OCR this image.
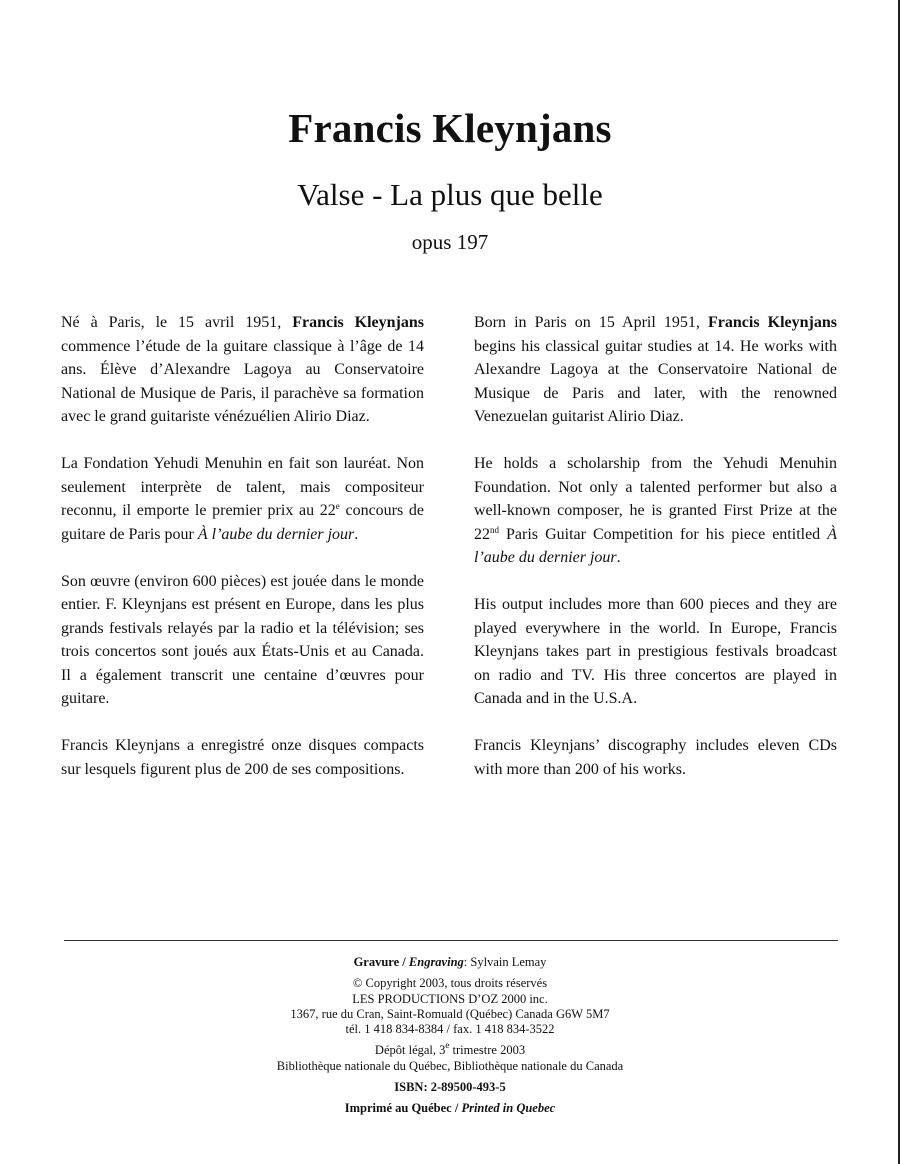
Francis Kleynjans
Valse - La plus que belle
opus 197

Né à Paris, le 15 avril 1951, Francis Kleynjans commence l’étude de la guitare classique à l’âge de 14 ans. Élève d’Alexandre Lagoya au Conservatoire National de Musique de Paris, il parachève sa formation avec le grand guitariste vénézuélien Alirio Diaz.

La Fondation Yehudi Menuhin en fait son lauréat. Non seulement interprète de talent, mais compositeur reconnu, il emporte le premier prix au 22e concours de guitare de Paris pour À l’aube du dernier jour.

Son œuvre (environ 600 pièces) est jouée dans le monde entier. F. Kleynjans est présent en Europe, dans les plus grands festivals relayés par la radio et la télévision; ses trois concertos sont joués aux États-Unis et au Canada. Il a également transcrit une centaine d’œuvres pour guitare.

Francis Kleynjans a enregistré onze disques compacts sur lesquels figurent plus de 200 de ses compositions.

Born in Paris on 15 April 1951, Francis Kleynjans begins his classical guitar studies at 14. He works with Alexandre Lagoya at the Conservatoire National de Musique de Paris and later, with the renowned Venezuelan guitarist Alirio Diaz.

He holds a scholarship from the Yehudi Menuhin Foundation. Not only a talented performer but also a well-known composer, he is granted First Prize at the 22nd Paris Guitar Competition for his piece entitled À l’aube du dernier jour.

His output includes more than 600 pieces and they are played everywhere in the world. In Europe, Francis Kleynjans takes part in prestigious festivals broadcast on radio and TV. His three concertos are played in Canada and in the U.S.A.

Francis Kleynjans’ discography includes eleven CDs with more than 200 of his works.

Gravure / Engraving: Sylvain Lemay
© Copyright 2003, tous droits réservés
LES PRODUCTIONS D’OZ 2000 inc.
1367, rue du Cran, Saint-Romuald (Québec) Canada G6W 5M7
tél. 1 418 834-8384 / fax. 1 418 834-3522
Dépôt légal, 3e trimestre 2003
Bibliothèque nationale du Québec, Bibliothèque nationale du Canada
ISBN: 2-89500-493-5
Imprimé au Québec / Printed in Quebec
